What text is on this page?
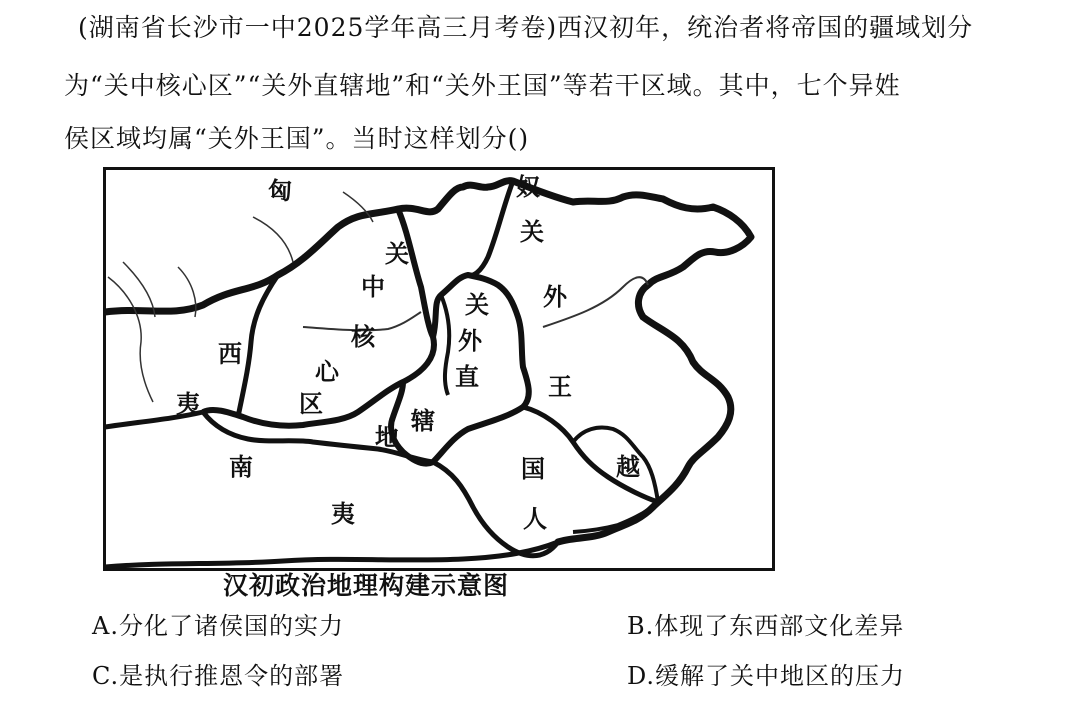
(湖南省长沙市一中2025学年高三月考卷)西汉初年，统治者将帝国的疆域划分
为“关中核心区”“关外直辖地”和“关外王国”等若干区域。其中，七个异姓
侯区域均属“关外王国”。当时这样划分()
匈	奴
关
中
核
心
区
关
外
直
辖
地
关
外
王
国
西
夷
南
夷
越
人
汉初政治地理构建示意图
A.分化了诸侯国的实力	B.体现了东西部文化差异
C.是执行推恩令的部署	D.缓解了关中地区的压力
